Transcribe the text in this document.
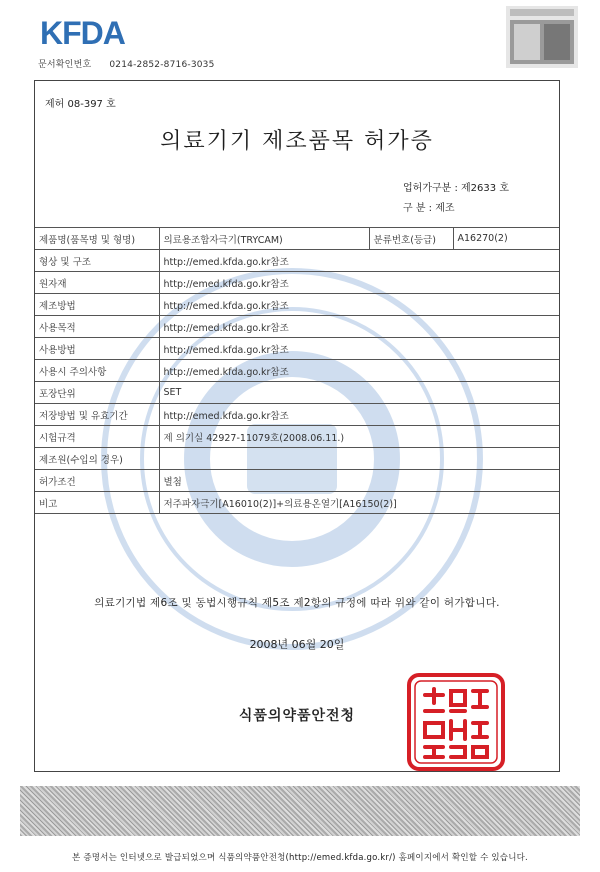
KFDA
문서확인번호 0214-2852-8716-3035
제허 08-397 호
의료기기 제조품목 허가증
업허가구분 : 제2633 호
구 분 : 제조
제품명(품목명 및 형명)	의료용조합자극기(TRYCAM)	분류번호(등급)	A16270(2)
형상 및 구조	http://emed.kfda.go.kr참조		
원자재	http://emed.kfda.go.kr참조		
제조방법	http://emed.kfda.go.kr참조		
사용목적	http://emed.kfda.go.kr참조		
사용방법	http://emed.kfda.go.kr참조		
사용시 주의사항	http://emed.kfda.go.kr참조		
포장단위	SET		
저장방법 및 유효기간	http://emed.kfda.go.kr참조		
시험규격	제 의기실 42927-11079호(2008.06.11.)		
제조원(수입의 경우)			
허가조건	별첨		
비고	저주파자극기[A16010(2)]+의료용온열기[A16150(2)]		
의료기기법 제6조 및 동법시행규칙 제5조 제2항의 규정에 따라 위와 같이 허가합니다.
2008년 06월 20일
식품의약품안전청
본 증명서는 인터넷으로 발급되었으며 식품의약품안전청(http://emed.kfda.go.kr/) 홈페이지에서 확인할 수 있습니다.
